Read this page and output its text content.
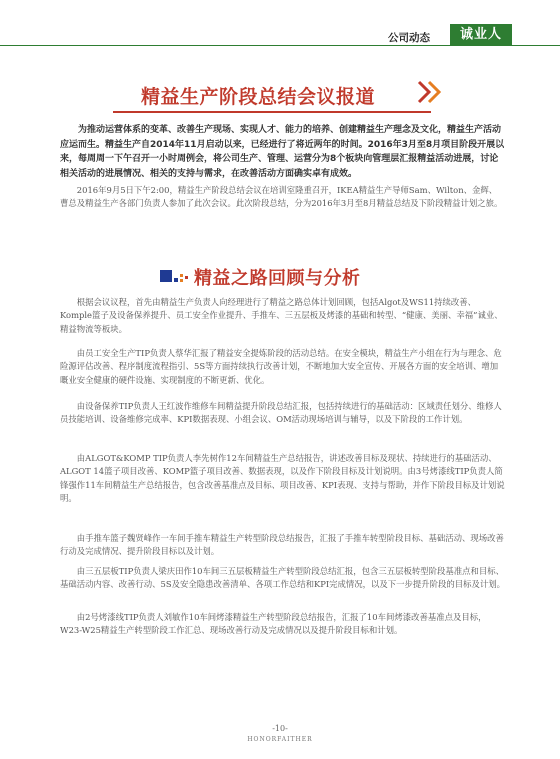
公司动态	诚业人
精益生产阶段总结会议报道

为推动运营体系的变革、改善生产现场、实现人才、能力的培养、创建精益生产理念及文化，精益生产活动应运而生。精益生产自2014年11月启动以来，已经进行了将近两年的时间。2016年3月至8月项目阶段开展以来，每周周一下午召开一小时周例会，将公司生产、管理、运营分为8个板块向管理层汇报精益活动进展，讨论相关活动的进展情况、相关的支持与需求，在改善活动方面确实卓有成效。

2016年9月5日下午2:00，精益生产阶段总结会议在培训室隆重召开，IKEA精益生产导师Sam、Wilton、金辉、曹总及精益生产各部门负责人参加了此次会议。此次阶段总结，分为2016年3月至8月精益总结及下阶段精益计划之旅。

精益之路回顾与分析

根据会议议程，首先由精益生产负责人向经理进行了精益之路总体计划回顾，包括Algot及WS11持续改善、Komple篮子及设备保养提升、员工安全作业提升、手推车、三五层板及烤漆的基础和转型、“健康、美丽、幸福”诚业、精益物流等板块。

由员工安全生产TIP负责人蔡华汇报了精益安全提炼阶段的活动总结。在安全模块，精益生产小组在行为与理念、危险源评估改善、程序制度流程指引、5S等方面持续执行改善计划，不断地加大安全宣传、开展各方面的安全培训、增加嘅业安全健康的硬件设施、实现制度的不断更新、优化。

由设备保养TIP负责人王红波作维修车间精益提升阶段总结汇报，包括持续进行的基础活动：区域责任划分、维修人员技能培训、设备维修完成率、KPI数据表现、小组会议、OM活动现场培训与辅导，以及下阶段的工作计划。

由ALGOT&KOMP TIP负责人李先树作12车间精益生产总结报告，讲述改善目标及现状、持续进行的基础活动、ALGOT 14篮子项目改善、KOMP篮子项目改善、数据表现，以及作下阶段目标及计划说明。由3号烤漆线TIP负责人简锋强作11车间精益生产总结报告，包含改善基准点及目标、项目改善、KPI表现、支持与帮助，并作下阶段目标及计划说明。

由手推车篮子魏贤峰作一车间手推车精益生产转型阶段总结报告，汇报了手推车转型阶段目标、基础活动、现场改善行动及完成情况、提升阶段目标以及计划。

由三五层板TIP负责人梁庆田作10车间三五层板精益生产转型阶段总结汇报，包含三五层板转型阶段基准点和目标、基础活动内容、改善行动、5S及安全隐患改善清单、各项工作总结和KPI完成情况，以及下一步提升阶段的目标及计划。

由2号烤漆线TIP负责人刘敏作10车间烤漆精益生产转型阶段总结报告，汇报了10车间烤漆改善基准点及目标，W23-W25精益生产转型阶段工作汇总、现场改善行动及完成情况以及提升阶段目标和计划。

-10-
HONORFAITHER
